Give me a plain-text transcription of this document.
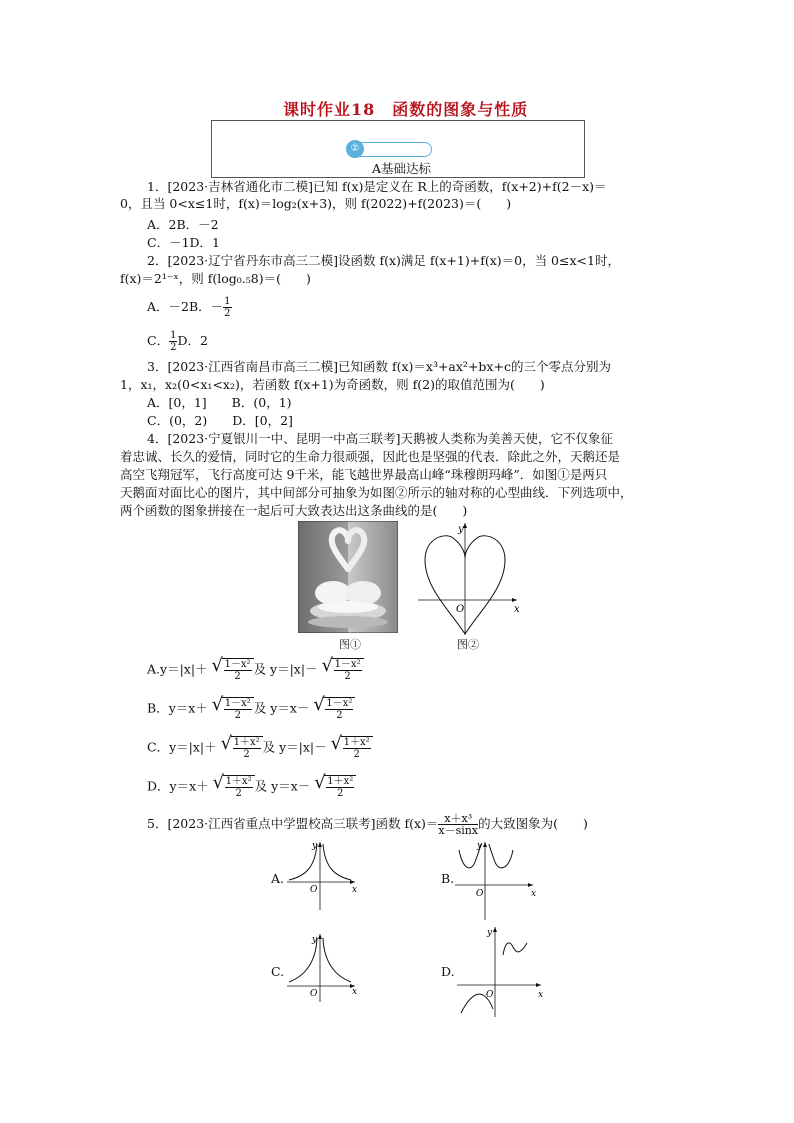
课时作业18　函数的图象与性质
②
A基础达标
1．[2023·吉林省通化市二模]已知 f(x)是定义在 R上的奇函数，f(x+2)+f(2－x)＝
0，且当 0<x≤1时，f(x)＝log₂(x+3)，则 f(2022)+f(2023)＝(　　)
A．2B．－2
C．－1D．1
2．[2023·辽宁省丹东市高三二模]设函数 f(x)满足 f(x+1)+f(x)＝0，当 0≤x<1时，
f(x)＝2¹⁻ˣ，则 f(log₀.₅8)＝(　　)
A．－2B．－ $\frac{1}{2}$
C． $\frac{1}{2}$ D．2
3．[2023·江西省南昌市高三二模]已知函数 f(x)＝x³+ax²+bx+c的三个零点分别为
1，x₁，x₂(0<x₁<x₂)，若函数 f(x+1)为奇函数，则 f(2)的取值范围为(　　)
A．[0，1]　　B．(0，1)
C．(0，2)　　D．[0，2]
4．[2023·宁夏银川一中、昆明一中高三联考]天鹅被人类称为美善天使，它不仅象征
着忠诚、长久的爱情，同时它的生命力很顽强，因此也是坚强的代表．除此之外，天鹅还是
高空飞翔冠军，飞行高度可达 9千米，能飞越世界最高山峰“珠穆朗玛峰”．如图①是两只
天鹅面对面比心的图片，其中间部分可抽象为如图②所示的轴对称的心型曲线．下列选项中，
两个函数的图象拼接在一起后可大致表达出这条曲线的是(　　)
图①
y
x
O
图②
A.y＝|x|＋ √ $\frac{\text{1－x²}}{2}$ 及 y＝|x|－ √ $\frac{\text{1－x²}}{2}$
B．y＝x＋ √ $\frac{\text{1－x²}}{2}$ 及 y＝x－ √ $\frac{\text{1－x²}}{2}$
C．y＝|x|＋ √ $\frac{\text{1＋x²}}{2}$ 及 y＝|x|－ √ $\frac{\text{1＋x²}}{2}$
D．y＝x＋ √ $\frac{\text{1＋x²}}{2}$ 及 y＝x－ √ $\frac{\text{1＋x²}}{2}$
5．[2023·江西省重点中学盟校高三联考]函数 $f(x)= \frac{\text{x＋x³}}{x-\sin x}$ 的大致图象为(　　)
A.
y
x
O
B.
y
x
O
C.
y
x
O
D.
y
x
O
